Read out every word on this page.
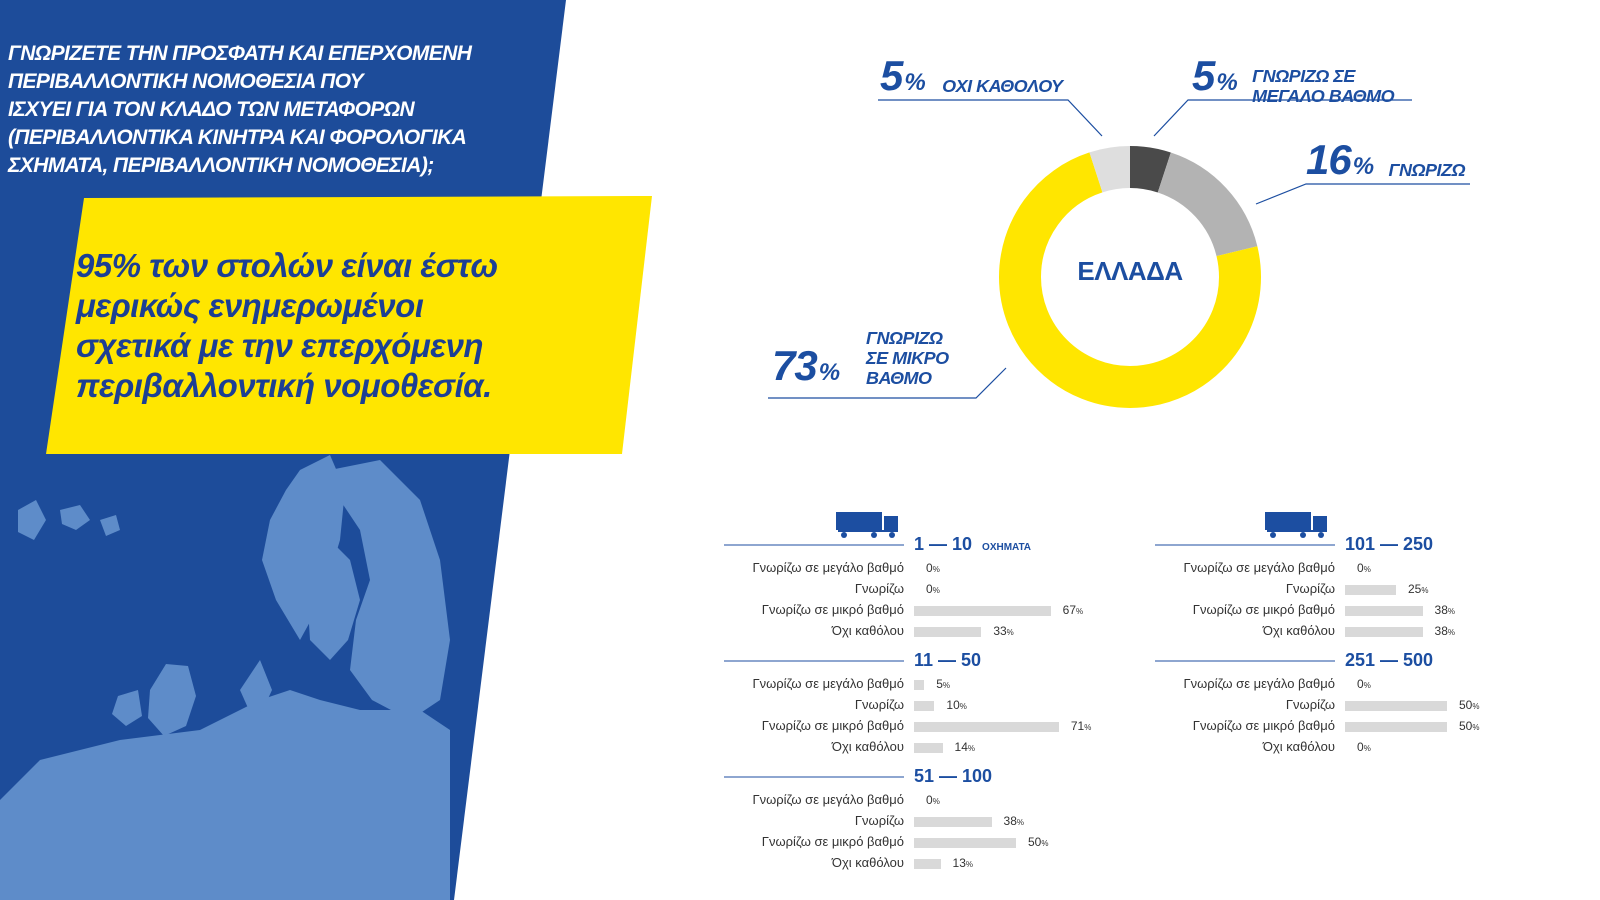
ΓΝΩΡΙΖΕΤΕ ΤΗΝ ΠΡΟΣΦΑΤΗ ΚΑΙ ΕΠΕΡΧΟΜΕΝΗ
ΠΕΡΙΒΑΛΛΟΝΤΙΚΗ ΝΟΜΟΘΕΣΙΑ ΠΟΥ
ΙΣΧΥΕΙ ΓΙΑ ΤΟΝ ΚΛΑΔΟ ΤΩΝ ΜΕΤΑΦΟΡΩΝ
(ΠΕΡΙΒΑΛΛΟΝΤΙΚΑ ΚΙΝΗΤΡΑ ΚΑΙ ΦΟΡΟΛΟΓΙΚΑ
ΣΧΗΜΑΤΑ, ΠΕΡΙΒΑΛΛΟΝΤΙΚΗ ΝΟΜΟΘΕΣΙΑ);
95% των στολών είναι έστω
μερικώς ενημερωμένοι
σχετικά με την επερχόμενη
περιβαλλοντική νομοθεσία.
ΕΛΛΑΔΑ
5% ΟΧΙ ΚΑΘΟΛΟΥ	5% ΓΝΩΡΙΖΩ ΣΕ
ΜΕΓΑΛΟ ΒΑΘΜΟ
16% ΓΝΩΡΙΖΩ
73%
ΓΝΩΡΙΖΩ
ΣΕ ΜΙΚΡΟ
ΒΑΘΜΟ
1 — 10 ΟΧΗΜΑΤΑ
Γνωρίζω σε μεγάλο βαθμό 0%
Γνωρίζω 0%
Γνωρίζω σε μικρό βαθμό	67%
Όχι καθόλου	33%
11 — 50
Γνωρίζω σε μεγάλο βαθμό	5%
Γνωρίζω	10%
Γνωρίζω σε μικρό βαθμό	71%
Όχι καθόλου	14%
51 — 100
Γνωρίζω σε μεγάλο βαθμό 0%
Γνωρίζω	38%
Γνωρίζω σε μικρό βαθμό	50%
Όχι καθόλου	13%
101 — 250
Γνωρίζω σε μεγάλο βαθμό 0%
Γνωρίζω	25%
Γνωρίζω σε μικρό βαθμό	38%
Όχι καθόλου	38%
251 — 500
Γνωρίζω σε μεγάλο βαθμό 0%
Γνωρίζω	50%
Γνωρίζω σε μικρό βαθμό	50%
Όχι καθόλου 0%
